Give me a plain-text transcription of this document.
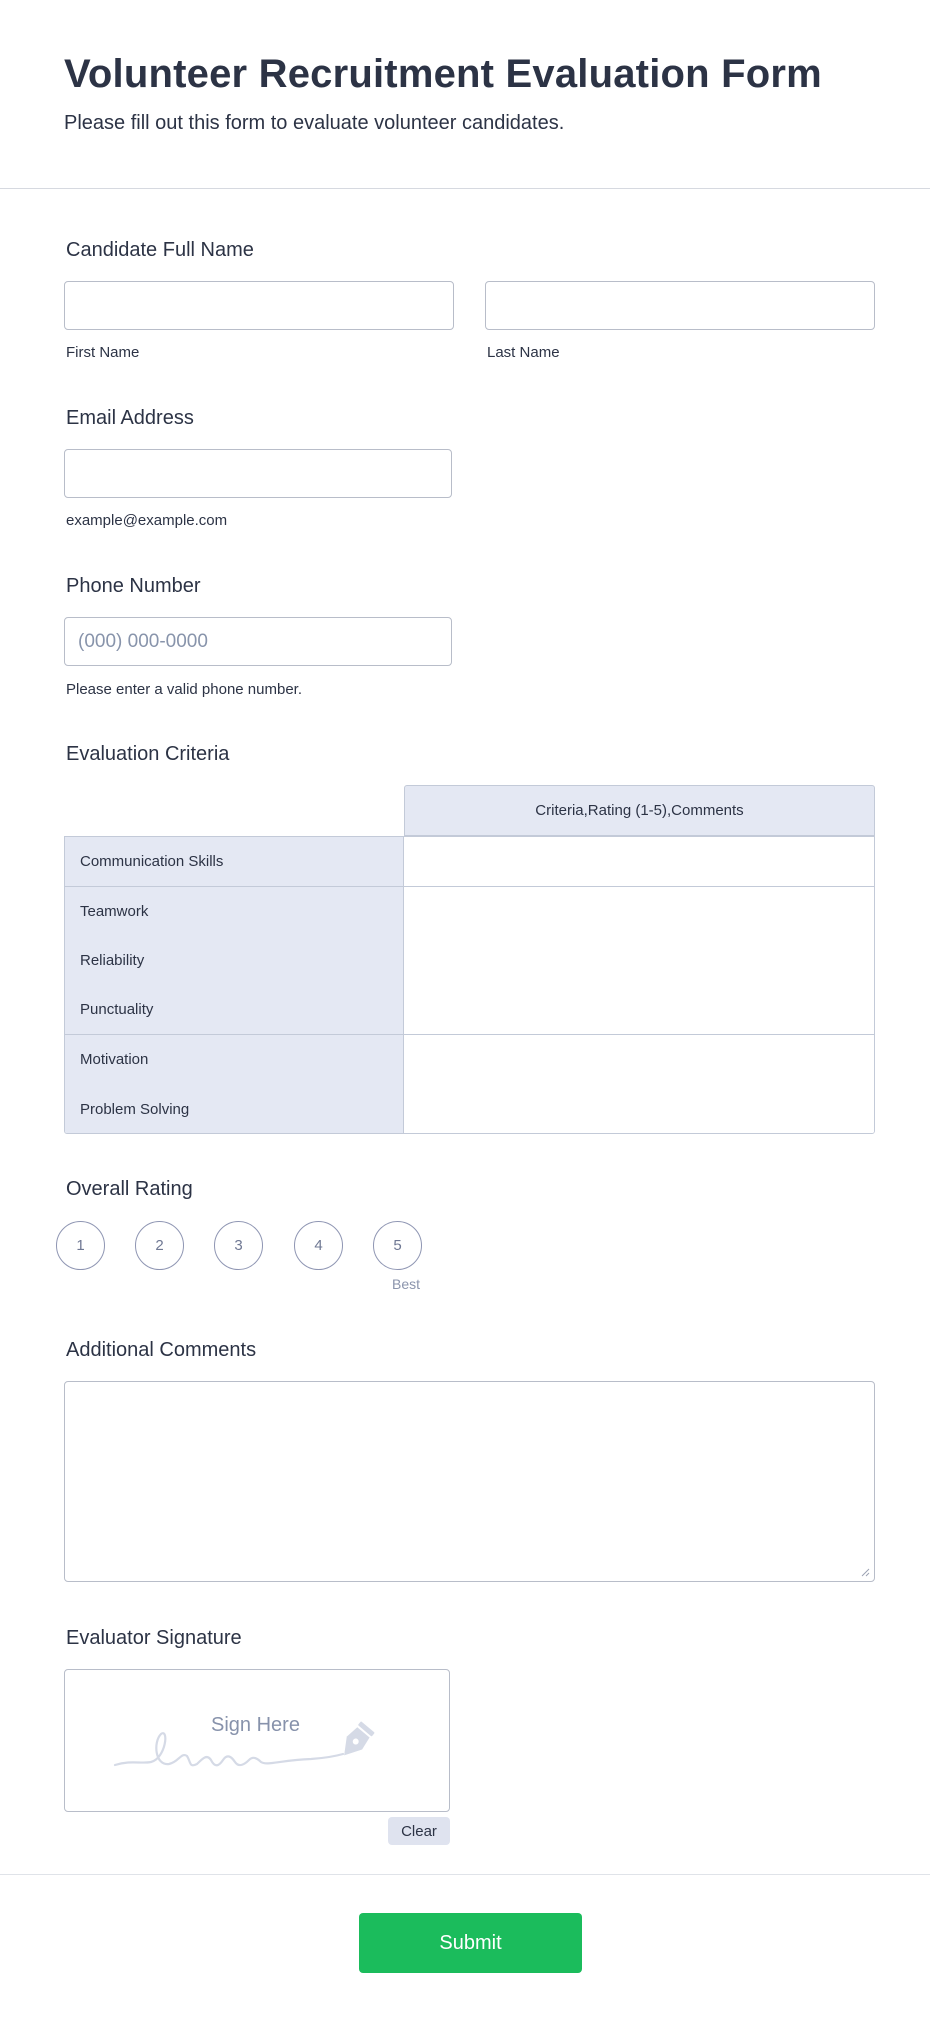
Volunteer Recruitment Evaluation Form
Please fill out this form to evaluate volunteer candidates.
Candidate Full Name
First Name	Last Name
Email Address
example@example.com
Phone Number
(000) 000-0000
Please enter a valid phone number.
Evaluation Criteria
Criteria,Rating (1-5),Comments
Communication Skills
Teamwork
Reliability
Punctuality
Motivation
Problem Solving
Overall Rating
1	2	3	4	5
Best
Additional Comments
Evaluator Signature
Sign Here
Clear
Submit
